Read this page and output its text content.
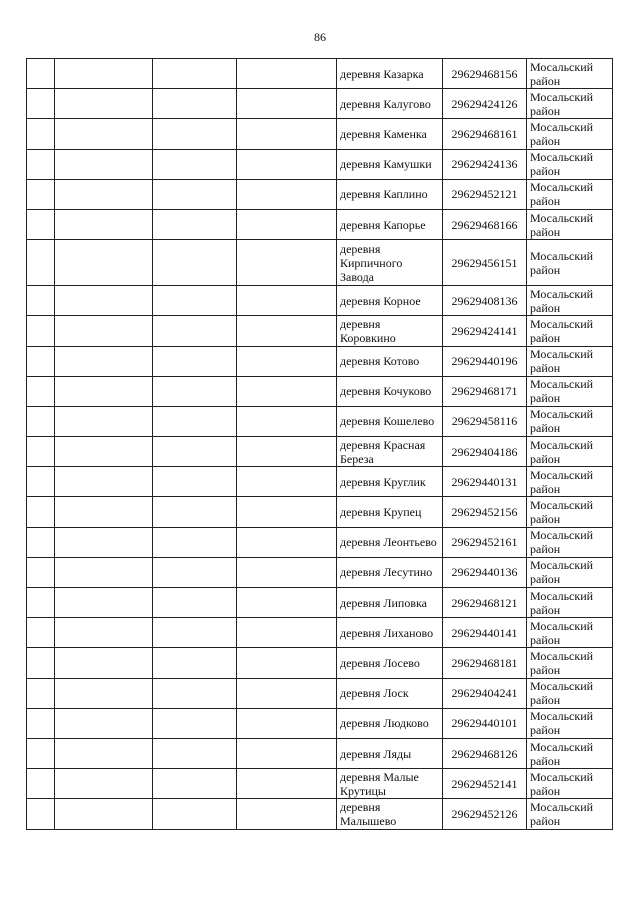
86
				деревня Казарка	29629468156	Мосальский район
				деревня Калугово	29629424126	Мосальский район
				деревня Каменка	29629468161	Мосальский район
				деревня Камушки	29629424136	Мосальский район
				деревня Каплино	29629452121	Мосальский район
				деревня Капорье	29629468166	Мосальский район
				деревня Кирпичного Завода	29629456151	Мосальский район
				деревня Корное	29629408136	Мосальский район
				деревня Коровкино	29629424141	Мосальский район
				деревня Котово	29629440196	Мосальский район
				деревня Кочуково	29629468171	Мосальский район
				деревня Кошелево	29629458116	Мосальский район
				деревня Красная Береза	29629404186	Мосальский район
				деревня Круглик	29629440131	Мосальский район
				деревня Крупец	29629452156	Мосальский район
				деревня Леонтьево	29629452161	Мосальский район
				деревня Лесутино	29629440136	Мосальский район
				деревня Липовка	29629468121	Мосальский район
				деревня Лиханово	29629440141	Мосальский район
				деревня Лосево	29629468181	Мосальский район
				деревня Лоск	29629404241	Мосальский район
				деревня Людково	29629440101	Мосальский район
				деревня Ляды	29629468126	Мосальский район
				деревня Малые Крутицы	29629452141	Мосальский район
				деревня Малышево	29629452126	Мосальский район
